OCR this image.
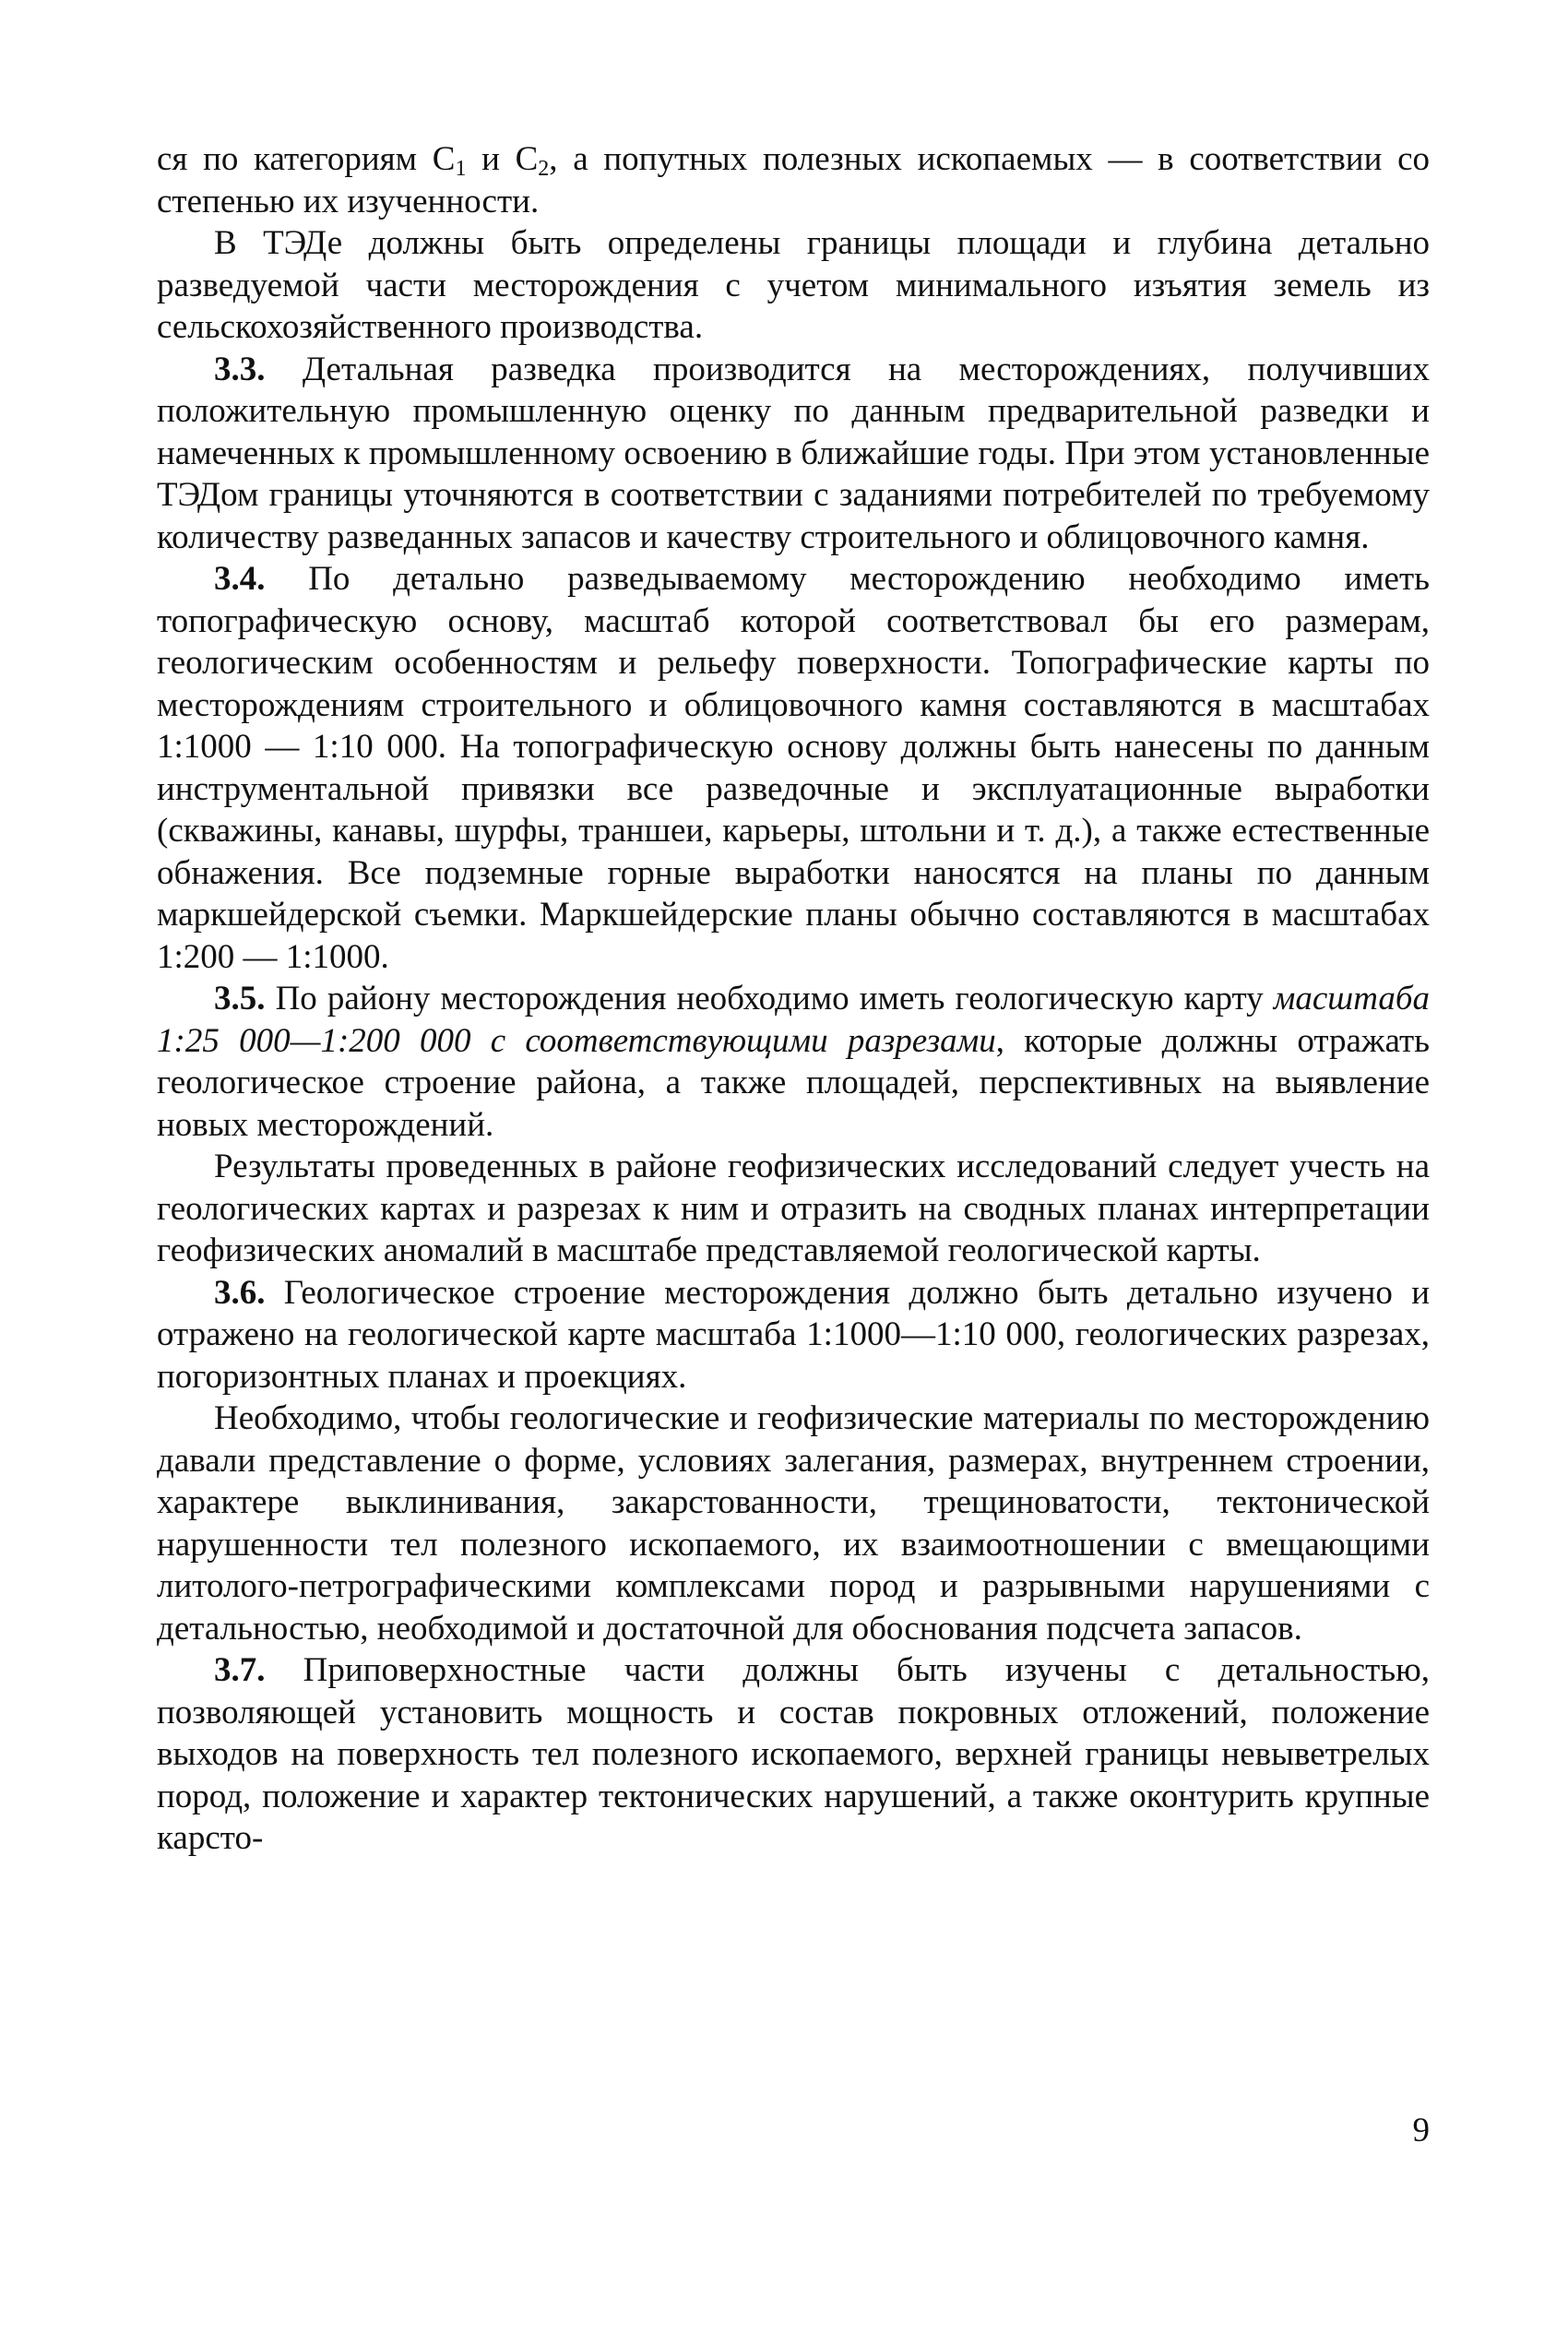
ся по категориям $C_1$ и $C_2$, а попутных полезных ископаемых — в соответствии со степенью их изученности.

В ТЭДе должны быть определены границы площади и глубина детально разведуемой части месторождения с учетом минимального изъятия земель из сельскохозяйственного производства.

3.3. Детальная разведка производится на месторождениях, получивших положительную промышленную оценку по данным предварительной разведки и намеченных к промышленному освоению в ближайшие годы. При этом установленные ТЭДом границы уточняются в соответствии с заданиями потребителей по требуемому количеству разведанных запасов и качеству строительного и облицовочного камня.

3.4. По детально разведываемому месторождению необходимо иметь топографическую основу, масштаб которой соответствовал бы его размерам, геологическим особенностям и рельефу поверхности. Топографические карты по месторождениям строительного и облицовочного камня составляются в масштабах 1:1000 — 1:10 000. На топографическую основу должны быть нанесены по данным инструментальной привязки все разведочные и эксплуатационные выработки (скважины, канавы, шурфы, траншеи, карьеры, штольни и т. д.), а также естественные обнажения. Все подземные горные выработки наносятся на планы по данным маркшейдерской съемки. Маркшейдерские планы обычно составляются в масштабах 1:200 — 1:1000.

3.5. По району месторождения необходимо иметь геологическую карту масштаба 1:25 000—1:200 000 с соответствующими разрезами, которые должны отражать геологическое строение района, а также площадей, перспективных на выявление новых месторождений.

Результаты проведенных в районе геофизических исследований следует учесть на геологических картах и разрезах к ним и отразить на сводных планах интерпретации геофизических аномалий в масштабе представляемой геологической карты.

3.6. Геологическое строение месторождения должно быть детально изучено и отражено на геологической карте масштаба 1:1000—1:10 000, геологических разрезах, погоризонтных планах и проекциях.

Необходимо, чтобы геологические и геофизические материалы по месторождению давали представление о форме, условиях залегания, размерах, внутреннем строении, характере выклинивания, закарстованности, трещиноватости, тектонической нарушенности тел полезного ископаемого, их взаимоотношении с вмещающими литолого-петрографическими комплексами пород и разрывными нарушениями с детальностью, необходимой и достаточной для обоснования подсчета запасов.

3.7. Приповерхностные части должны быть изучены с детальностью, позволяющей установить мощность и состав покровных отложений, положение выходов на поверхность тел полезного ископаемого, верхней границы невыветрелых пород, положение и характер тектонических нарушений, а также оконтурить крупные карсто-

9
